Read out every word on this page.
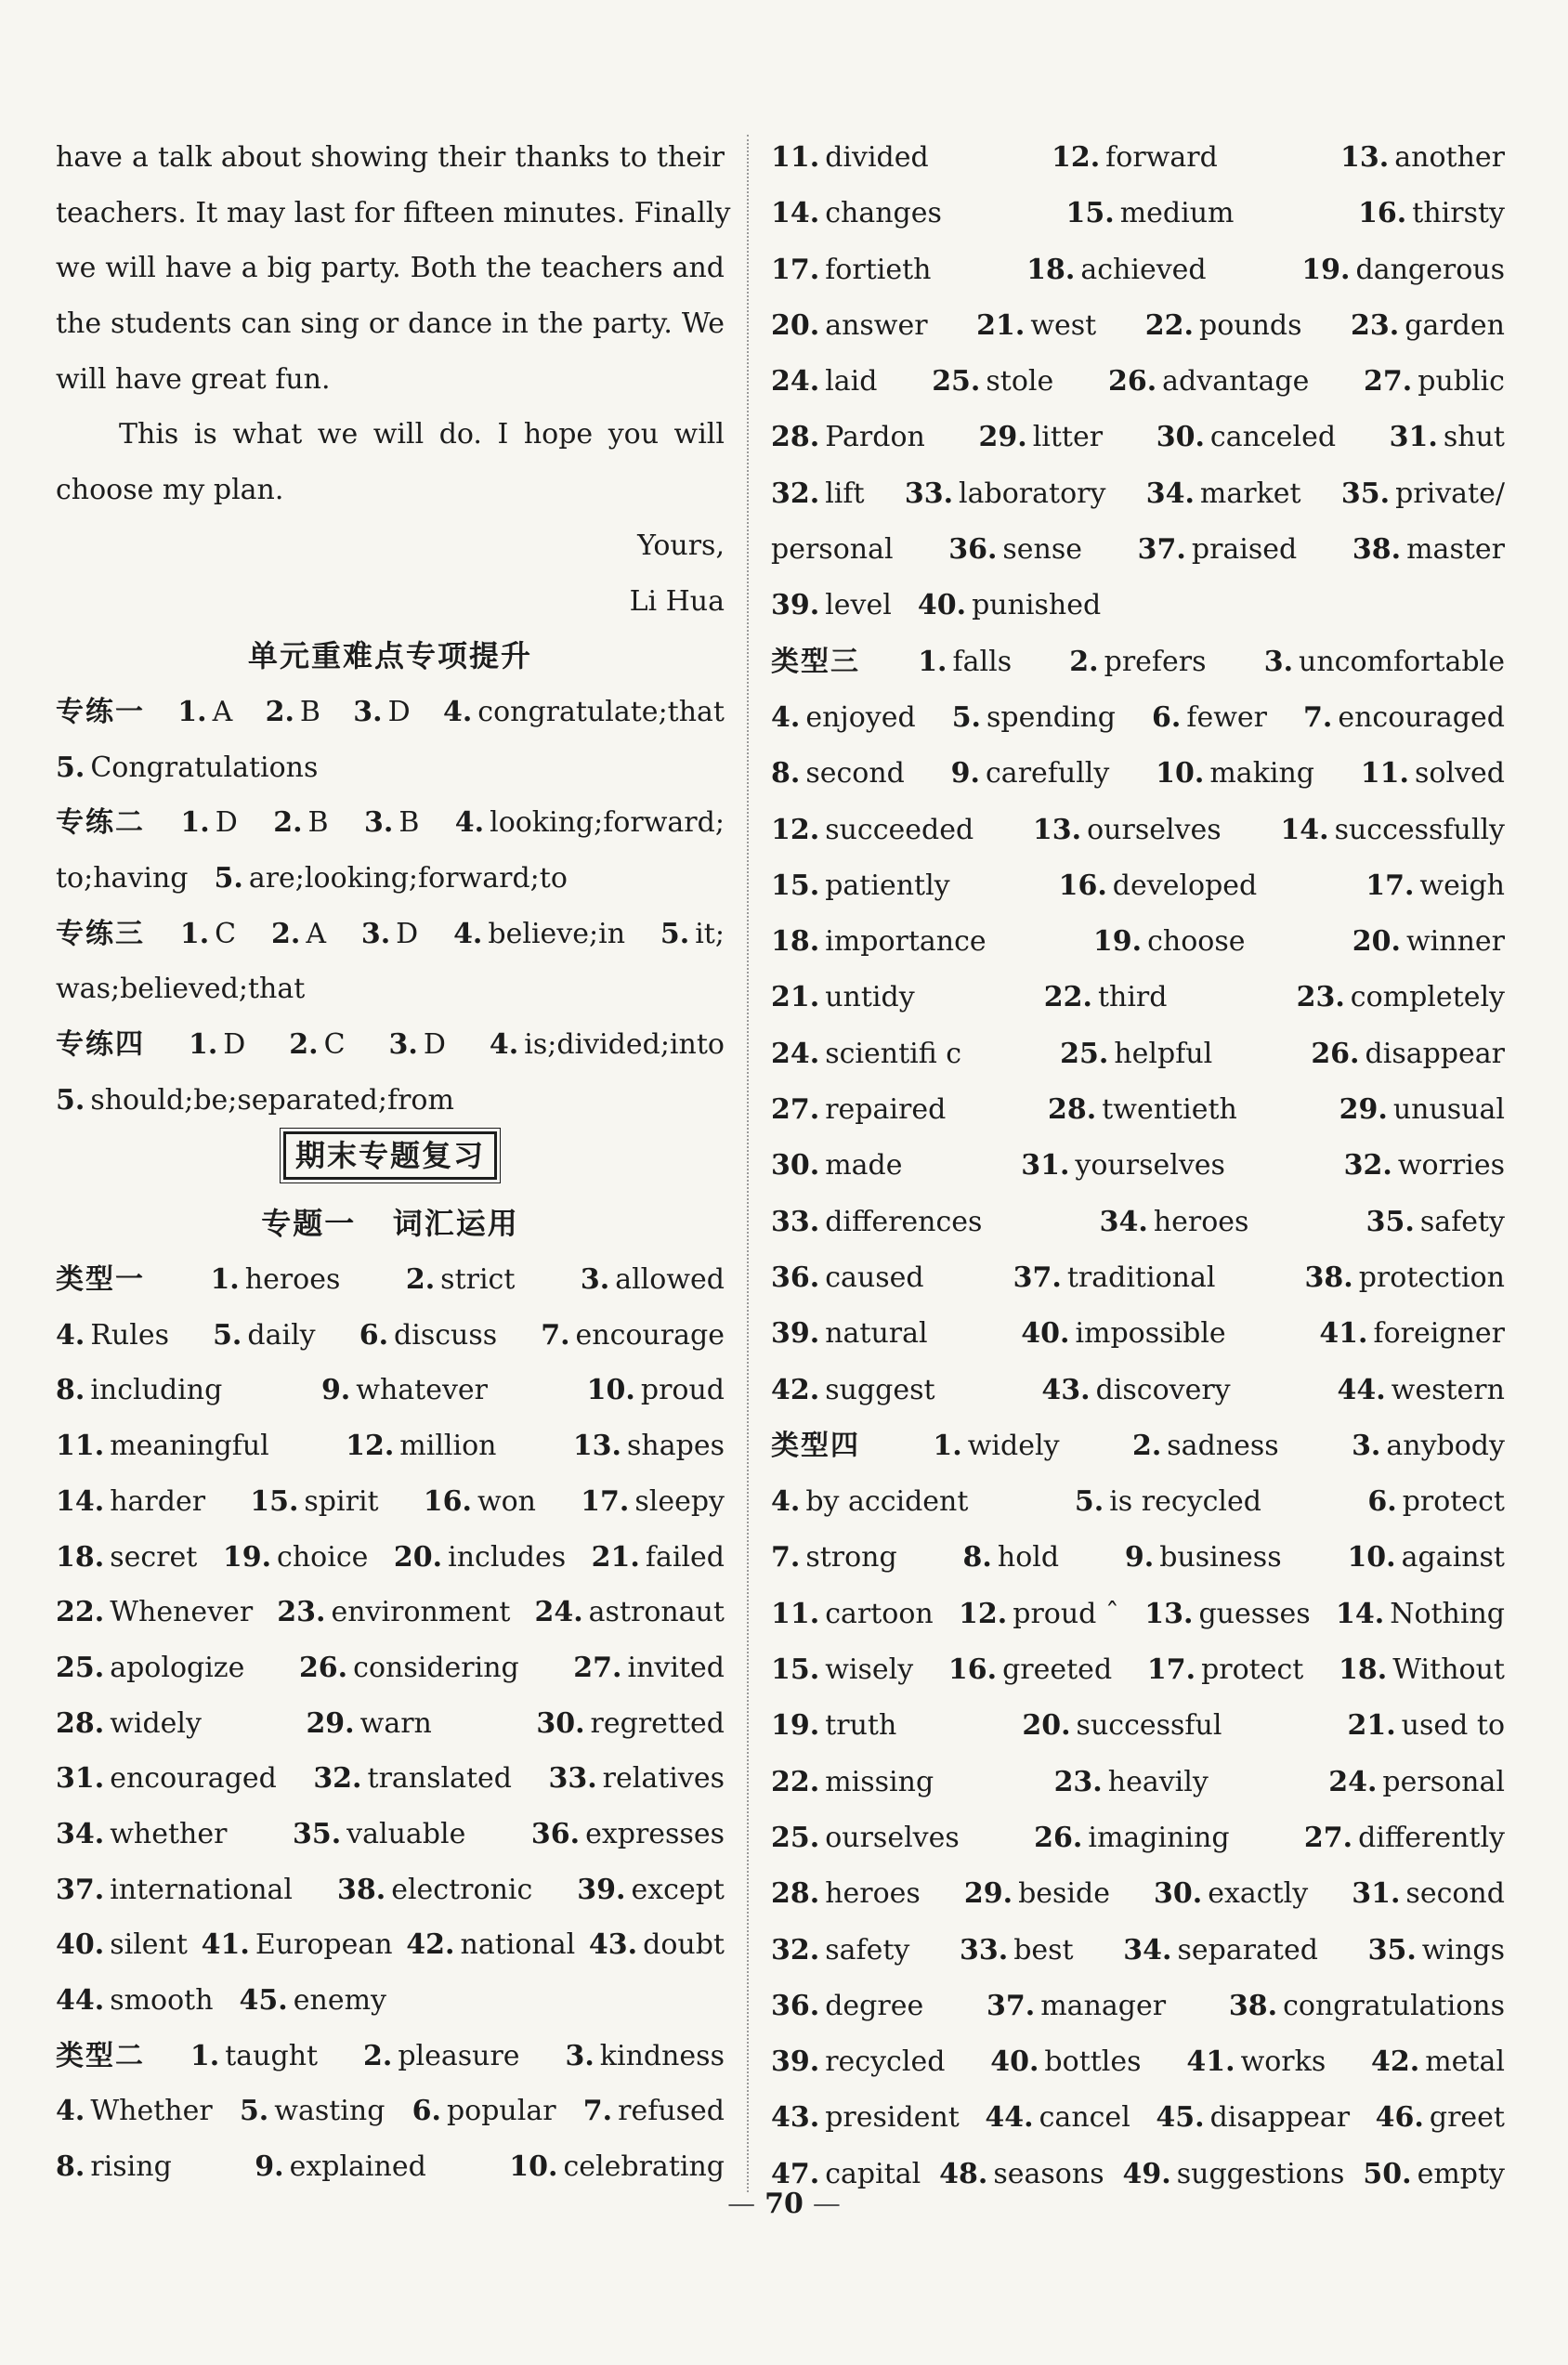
have a talk about showing their thanks to their
teachers. It may last for fifteen minutes. Finally
we will have a big party. Both the teachers and
the students can sing or dance in the party. We
will have great fun.
This is what we will do. I hope you will
choose my plan.
Yours,
Li Hua
单元重难点专项提升
专练一 1. A 2. B 3. D 4. congratulate;that
5. Congratulations
专练二 1. D 2. B 3. B 4. looking;forward;
to;having 5. are;looking;forward;to
专练三 1. C 2. A 3. D 4. believe;in 5. it;
was;believed;that
专练四 1. D 2. C 3. D 4. is;divided;into
5. should;be;separated;from
期末专题复习
专题一   词汇运用
类型一 1. heroes 2. strict 3. allowed
4. Rules 5. daily 6. discuss 7. encourage
8. including	9. whatever	10. proud
11. meaningful	12. million	13. shapes
14. harder 15. spirit 16. won 17. sleepy
18. secret 19. choice 20. includes 21. failed
22. Whenever 23. environment 24. astronaut
25. apologize 26. considering 27. invited
28. widely	29. warn	30. regretted
31. encouraged 32. translated 33. relatives
34. whether 35. valuable 36. expresses
37. international 38. electronic 39. except
40. silent 41. European 42. national 43. doubt
44. smooth 45. enemy
类型二 1. taught 2. pleasure 3. kindness
4. Whether 5. wasting 6. popular 7. refused
8. rising	9. explained	10. celebrating
11. divided	12. forward	13. another
14. changes	15. medium	16. thirsty
17. fortieth	18. achieved	19. dangerous
20. answer 21. west 22. pounds 23. garden
24. laid 25. stole 26. advantage 27. public
28. Pardon 29. litter 30. canceled 31. shut
32. lift 33. laboratory 34. market 35. private/
personal 36. sense 37. praised 38. master
39. level 40. punished
类型三 1. falls 2. prefers 3. uncomfortable
4. enjoyed 5. spending 6. fewer 7. encouraged
8. second 9. carefully 10. making 11. solved
12. succeeded 13. ourselves 14. successfully
15. patiently	16. developed	17. weigh
18. importance	19. choose	20. winner
21. untidy	22. third	23. completely
24. scientifi c	25. helpful	26. disappear
27. repaired	28. twentieth	29. unusual
30. made	31. yourselves	32. worries
33. differences	34. heroes	35. safety
36. caused	37. traditional	38. protection
39. natural	40. impossible	41. foreigner
42. suggest	43. discovery	44. western
类型四	1. widely	2. sadness	3. anybody
4. by accident	5. is recycled	6. protect
7. strong 8. hold 9. business 10. against
11. cartoon 12. proud ˆ 13. guesses 14. Nothing
15. wisely 16. greeted 17. protect 18. Without
19. truth	20. successful	21. used to
22. missing	23. heavily	24. personal
25. ourselves	26. imagining	27. differently
28. heroes 29. beside 30. exactly 31. second
32. safety 33. best 34. separated 35. wings
36. degree 37. manager 38. congratulations
39. recycled 40. bottles 41. works 42. metal
43. president 44. cancel 45. disappear 46. greet
47. capital 48. seasons 49. suggestions 50. empty
— 70 —
